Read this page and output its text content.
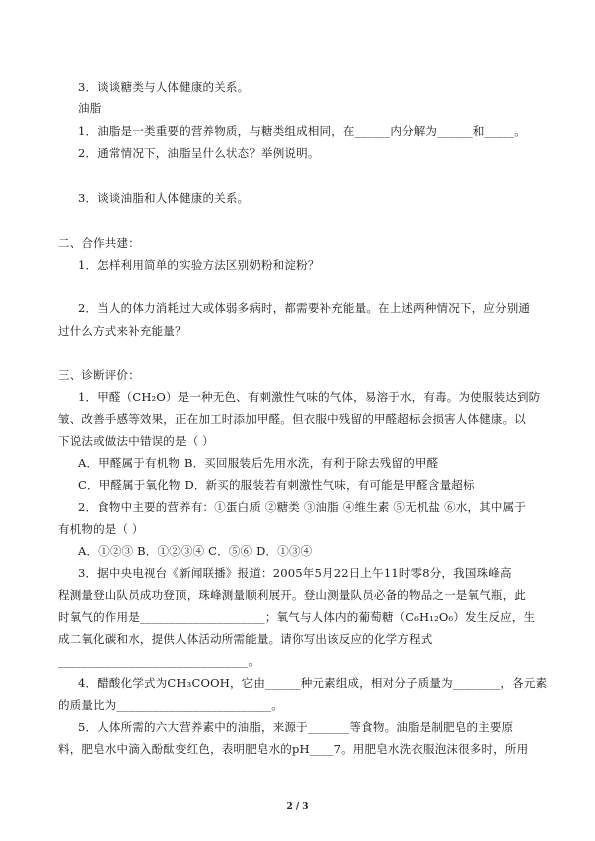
3．谈谈糖类与人体健康的关系。
油脂
1．油脂是一类重要的营养物质，与糖类组成相同，在______内分解为______和_____。
2．通常情况下，油脂呈什么状态？举例说明。
3．谈谈油脂和人体健康的关系。
二、合作共建：
1．怎样利用简单的实验方法区别奶粉和淀粉？
2．当人的体力消耗过大或体弱多病时，都需要补充能量。在上述两种情况下，应分别通
过什么方式来补充能量？
三、诊断评价：
1．甲醛（CH₂O）是一种无色、有刺激性气味的气体，易溶于水，有毒。为使服装达到防
皱、改善手感等效果，正在加工时添加甲醛。但衣服中残留的甲醛超标会损害人体健康。以
下说法或做法中错误的是（ ）
A．甲醛属于有机物 B．买回服装后先用水洗，有利于除去残留的甲醛
C．甲醛属于氧化物 D．新买的服装若有刺激性气味，有可能是甲醛含量超标
2．食物中主要的营养有：①蛋白质 ②糖类 ③油脂 ④维生素 ⑤无机盐 ⑥水，其中属于
有机物的是（ ）
A．①②③ B．①②③④ C．⑤⑥ D．①③④
3．据中央电视台《新闻联播》报道：2005年5月22日上午11时零8分，我国珠峰高
程测量登山队员成功登顶，珠峰测量顺利展开。登山测量队员必备的物品之一是氧气瓶，此
时氧气的作用是_____________________；氧气与人体内的葡萄糖（C₆H₁₂O₆）发生反应，生
成二氧化碳和水，提供人体活动所需能量。请你写出该反应的化学方程式
________________________________。
4．醋酸化学式为CH₃COOH，它由______种元素组成，相对分子质量为________，各元素
的质量比为__________________________。
5．人体所需的六大营养素中的油脂，来源于_______等食物。油脂是制肥皂的主要原
料，肥皂水中滴入酚酞变红色，表明肥皂水的pH____7。用肥皂水洗衣服泡沫很多时，所用
2 / 3
